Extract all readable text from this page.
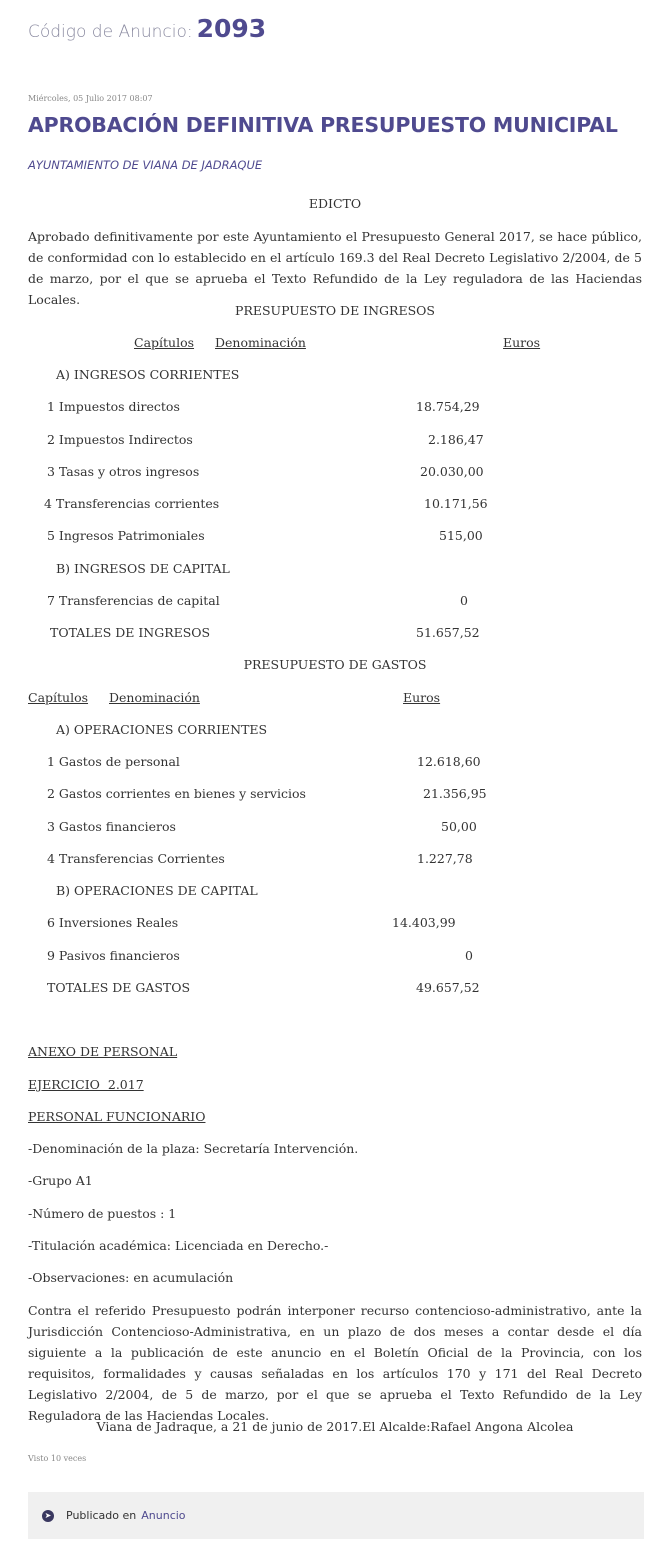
Código de Anuncio: 2093
Miércoles, 05 Julio 2017 08:07
APROBACIÓN DEFINITIVA PRESUPUESTO MUNICIPAL
AYUNTAMIENTO DE VIANA DE JADRAQUE
EDICTO

Aprobado definitivamente por este Ayuntamiento el Presupuesto General 2017, se hace público, de conformidad con lo establecido en el artículo 169.3 del Real Decreto Legislativo 2/2004, de 5 de marzo, por el que se aprueba el Texto Refundido de la Ley reguladora de las Haciendas Locales.

PRESUPUESTO DE INGRESOS
Capítulos Denominación	Euros
A) INGRESOS CORRIENTES
1 Impuestos directos	18.754,29
2 Impuestos Indirectos	2.186,47
3 Tasas y otros ingresos	20.030,00
4 Transferencias corrientes	10.171,56
5 Ingresos Patrimoniales	515,00
B) INGRESOS DE CAPITAL
7 Transferencias de capital	0
TOTALES DE INGRESOS	51.657,52
PRESUPUESTO DE GASTOS
Capítulos Denominación	Euros
A) OPERACIONES CORRIENTES
1 Gastos de personal	12.618,60
2 Gastos corrientes en bienes y servicios	21.356,95
3 Gastos financieros	50,00
4 Transferencias Corrientes	1.227,78
B) OPERACIONES DE CAPITAL
6 Inversiones Reales	14.403,99
9 Pasivos financieros	0
TOTALES DE GASTOS	49.657,52
ANEXO DE PERSONAL
EJERCICIO  2.017
PERSONAL FUNCIONARIO
-Denominación de la plaza: Secretaría Intervención.
-Grupo A1
-Número de puestos : 1
-Titulación académica: Licenciada en Derecho.-
-Observaciones: en acumulación

Contra el referido Presupuesto podrán interponer recurso contencioso-administrativo, ante la Jurisdicción Contencioso-Administrativa, en un plazo de dos meses a contar desde el día siguiente a la publicación de este anuncio en el Boletín Oficial de la Provincia, con los requisitos, formalidades y causas señaladas en los artículos 170 y 171 del Real Decreto Legislativo 2/2004, de 5 de marzo, por el que se aprueba el Texto Refundido de la Ley Reguladora de las Haciendas Locales.

Viana de Jadraque, a 21 de junio de 2017.El Alcalde:Rafael Angona Alcolea
Visto 10 veces
➤ Publicado en Anuncio
